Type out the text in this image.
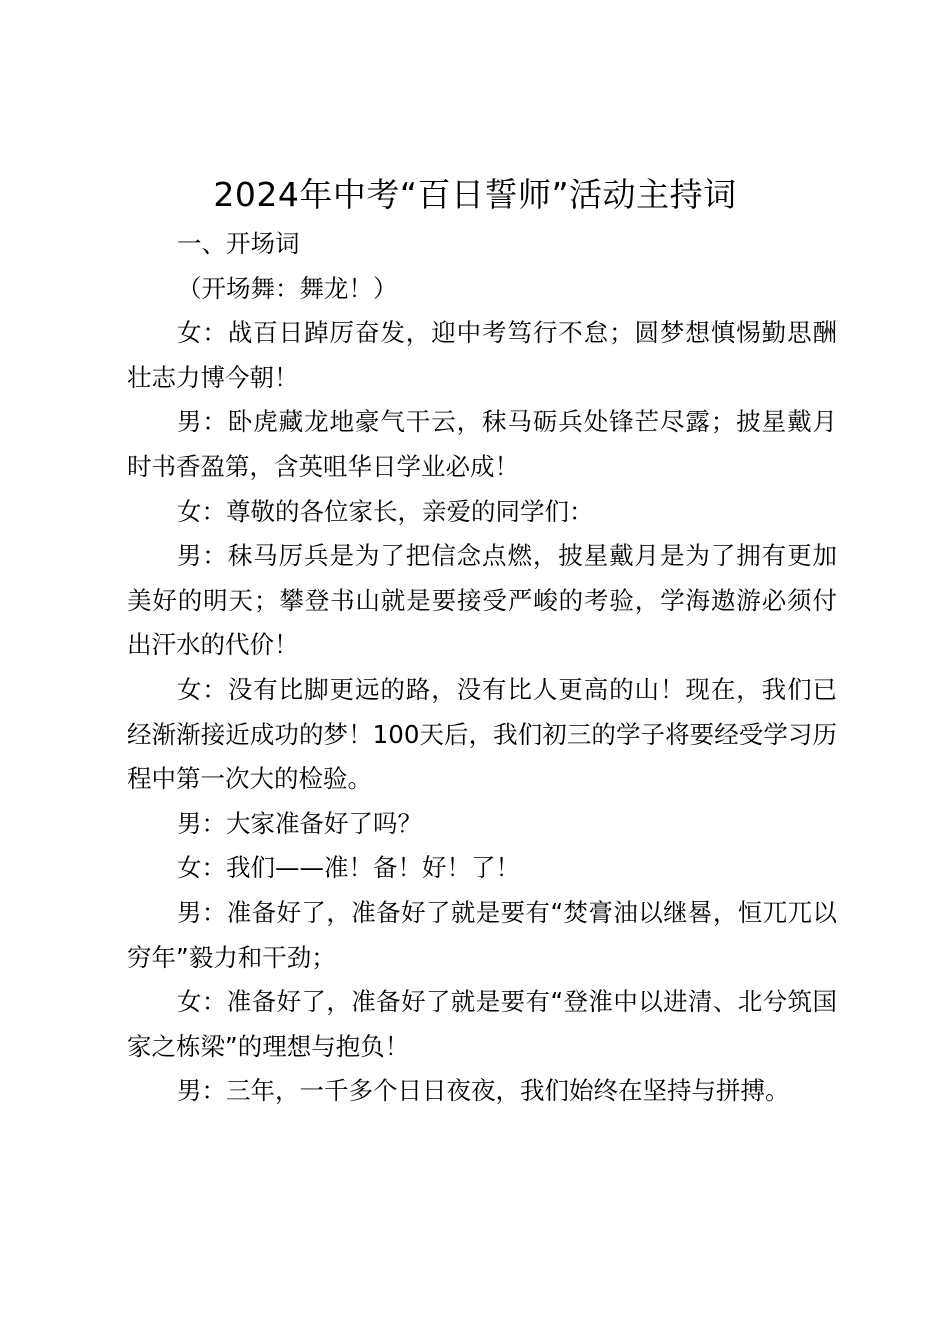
2024年中考“百日誓师”活动主持词

一、开场词

（开场舞：舞龙！）

女：战百日踔厉奋发，迎中考笃行不怠；圆梦想慎惕勤思酬壮志力博今朝！

男：卧虎藏龙地豪气干云，秣马砺兵处锋芒尽露；披星戴月时书香盈第，含英咀华日学业必成！

女：尊敬的各位家长，亲爱的同学们：

男：秣马厉兵是为了把信念点燃，披星戴月是为了拥有更加美好的明天；攀登书山就是要接受严峻的考验，学海遨游必须付出汗水的代价！

女：没有比脚更远的路，没有比人更高的山！现在，我们已经渐渐接近成功的梦！100天后，我们初三的学子将要经受学习历程中第一次大的检验。

男：大家准备好了吗？

女：我们——准！备！好！了！

男：准备好了，准备好了就是要有“焚膏油以继晷，恒兀兀以穷年”毅力和干劲；

女：准备好了，准备好了就是要有“登淮中以进清、北兮筑国家之栋梁”的理想与抱负！

男：三年，一千多个日日夜夜，我们始终在坚持与拼搏。
